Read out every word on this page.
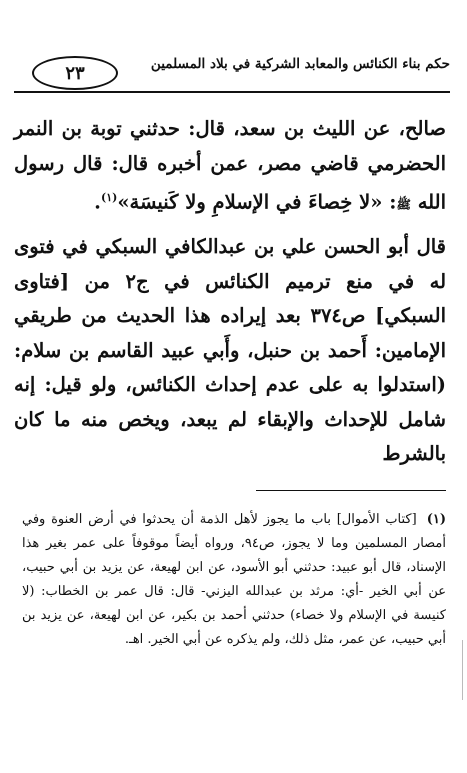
٢٣	حكم بناء الكنائس والمعابد الشركية في بلاد المسلمين

صالح، عن الليث بن سعد، قال: حدثني توبة بن النمر الحضرمي قاضي مصر، عمن أخبره قال: قال رسول الله ﷺ: «لا خِصاءَ في الإسلامِ ولا كَنيسَة»$^{(١)}$.

قال أبو الحسن علي بن عبدالكافي السبكي في فتوى له في منع ترميم الكنائس في ج٢ من [فتاوى السبكي] ص٣٧٤ بعد إيراده هذا الحديث من طريقي الإمامين: أَحمد بن حنبل، وأَبي عبيد القاسم بن سلام: (استدلوا به على عدم إحداث الكنائس، ولو قيل: إنه شامل للإحداث والإبقاء لم يبعد، ويخص منه ما كان بالشرط

(١)[كتاب الأموال] باب ما يجوز لأهل الذمة أن يحدثوا في أرض العنوة وفي أمصار المسلمين وما لا يجوز، ص٩٤، ورواه أيضاً موقوفاً على عمر بغير هذا الإسناد، قال أبو عبيد: حدثني أبو الأسود، عن ابن لهيعة، عن يزيد بن أبي حبيب، عن أبي الخير -أي: مرثد بن عبدالله اليزني- قال: قال عمر بن الخطاب: (لا كنيسة في الإسلام ولا خصاء) حدثني أحمد بن بكير، عن ابن لهيعة، عن يزيد بن أبي حبيب، عن عمر، مثل ذلك، ولم يذكره عن أبي الخير. اهـ.
